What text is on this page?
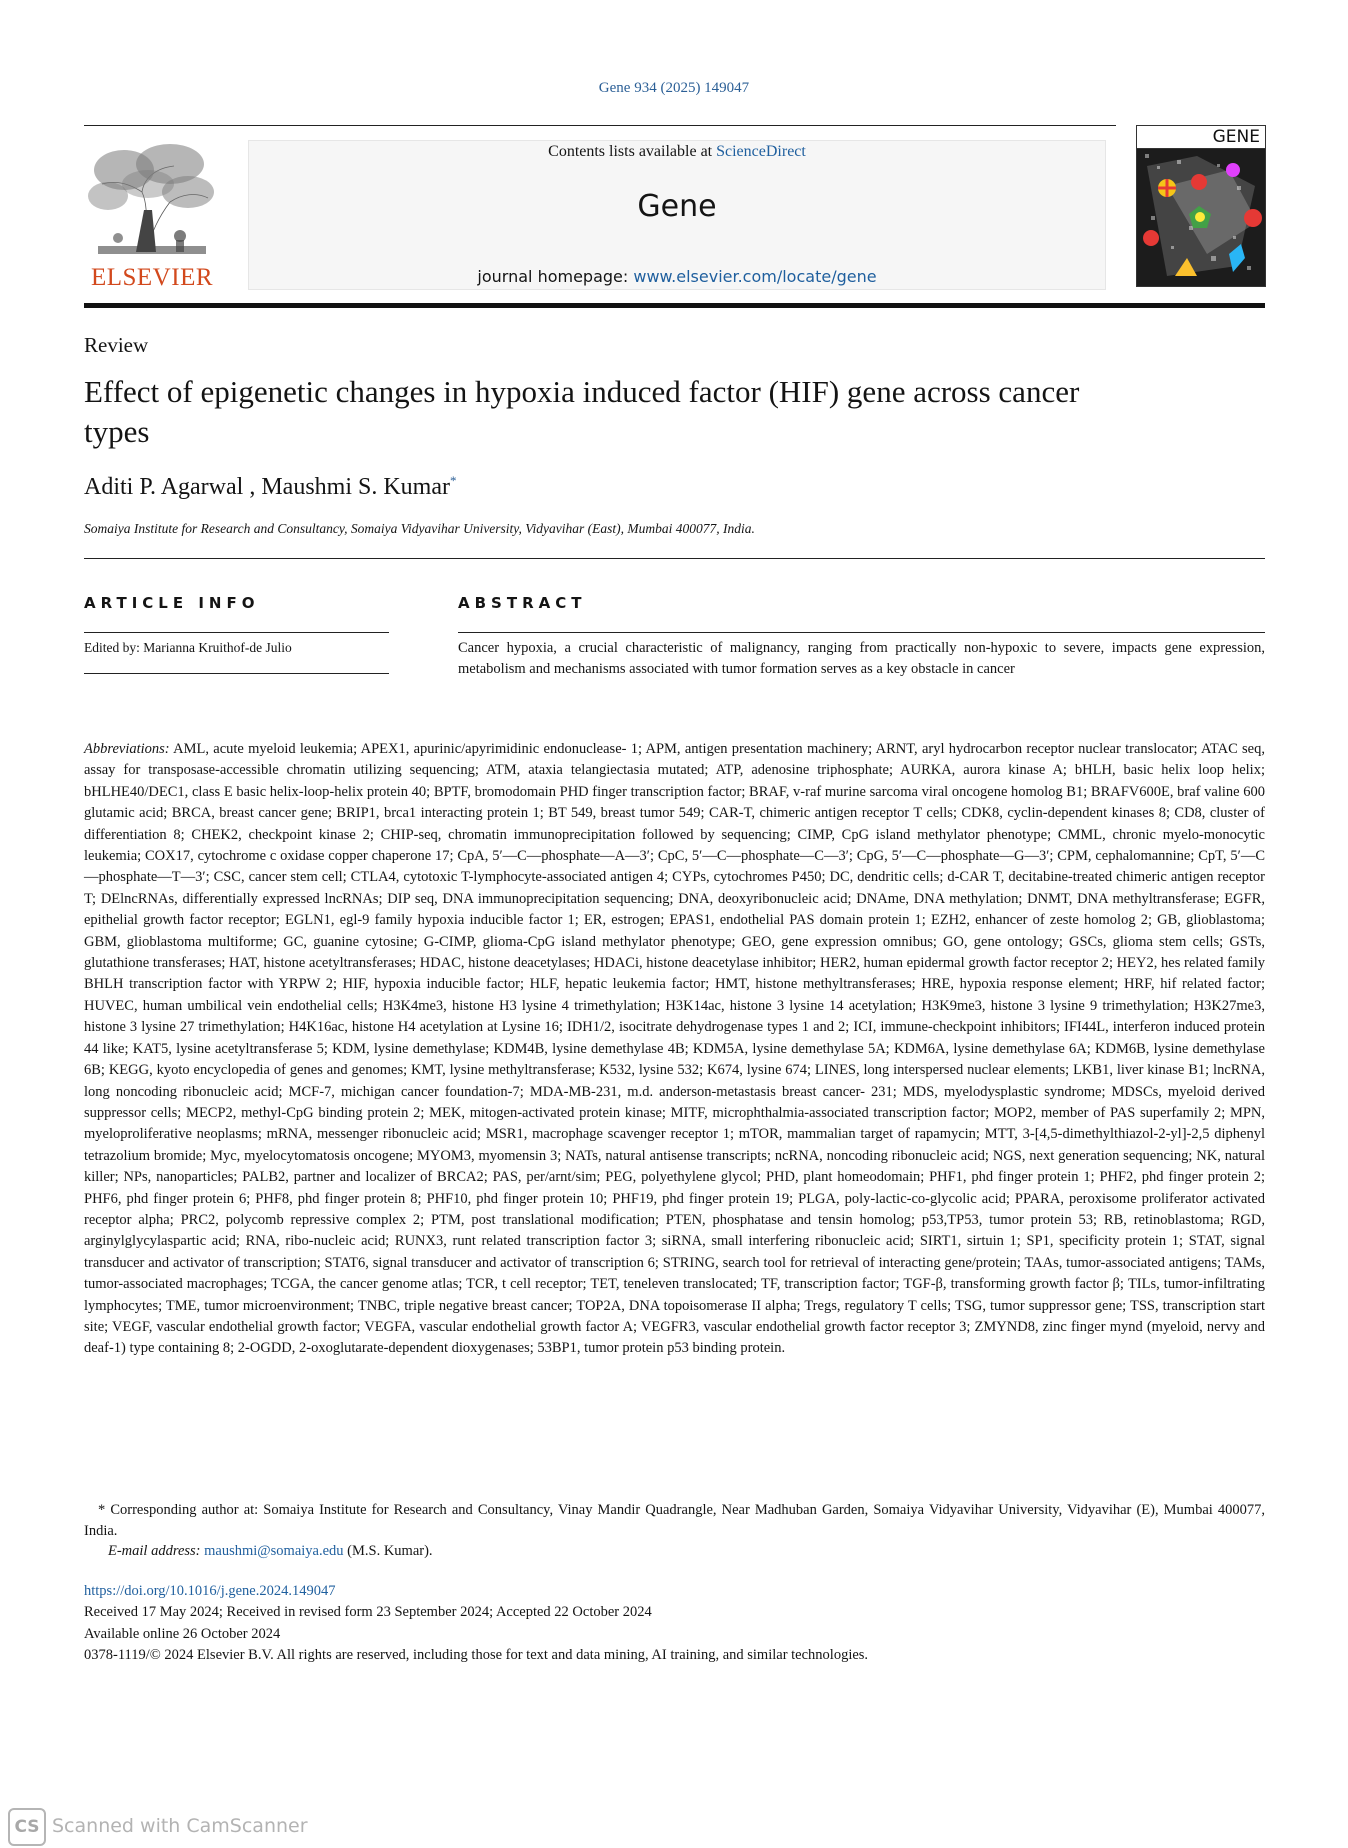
Gene 934 (2025) 149047
ELSEVIER
Contents lists available at ScienceDirect
Gene
journal homepage: www.elsevier.com/locate/gene
GENE
Review
Effect of epigenetic changes in hypoxia induced factor (HIF) gene across cancer types
Aditi P. Agarwal , Maushmi S. Kumar*
Somaiya Institute for Research and Consultancy, Somaiya Vidyavihar University, Vidyavihar (East), Mumbai 400077, India.
ARTICLE INFO	ABSTRACT
Edited by: Marianna Kruithof-de Julio	Cancer hypoxia, a crucial characteristic of malignancy, ranging from practically non-hypoxic to severe, impacts gene expression, metabolism and mechanisms associated with tumor formation serves as a key obstacle in cancer
Abbreviations: AML, acute myeloid leukemia; APEX1, apurinic/apyrimidinic endonuclease- 1; APM, antigen presentation machinery; ARNT, aryl hydrocarbon receptor nuclear translocator; ATAC seq, assay for transposase-accessible chromatin utilizing sequencing; ATM, ataxia telangiectasia mutated; ATP, adenosine triphosphate; AURKA, aurora kinase A; bHLH, basic helix loop helix; bHLHE40/DEC1, class E basic helix-loop-helix protein 40; BPTF, bromodomain PHD finger transcription factor; BRAF, v-raf murine sarcoma viral oncogene homolog B1; BRAFV600E, braf valine 600 glutamic acid; BRCA, breast cancer gene; BRIP1, brca1 interacting protein 1; BT 549, breast tumor 549; CAR-T, chimeric antigen receptor T cells; CDK8, cyclin-dependent kinases 8; CD8, cluster of differentiation 8; CHEK2, checkpoint kinase 2; CHIP-seq, chromatin immunoprecipitation followed by sequencing; CIMP, CpG island methylator phenotype; CMML, chronic myelo-monocytic leukemia; COX17, cytochrome c oxidase copper chaperone 17; CpA, 5′—C—phosphate—A—3′; CpC, 5′—C—phosphate—C—3′; CpG, 5′—C—phosphate—G—3′; CPM, cephalomannine; CpT, 5′—C—phosphate—T—3′; CSC, cancer stem cell; CTLA4, cytotoxic T-lymphocyte-associated antigen 4; CYPs, cytochromes P450; DC, dendritic cells; d-CAR T, decitabine-treated chimeric antigen receptor T; DElncRNAs, differentially expressed lncRNAs; DIP seq, DNA immunoprecipitation sequencing; DNA, deoxyribonucleic acid; DNAme, DNA methylation; DNMT, DNA methyltransferase; EGFR, epithelial growth factor receptor; EGLN1, egl-9 family hypoxia inducible factor 1; ER, estrogen; EPAS1, endothelial PAS domain protein 1; EZH2, enhancer of zeste homolog 2; GB, glioblastoma; GBM, glioblastoma multiforme; GC, guanine cytosine; G-CIMP, glioma-CpG island methylator phenotype; GEO, gene expression omnibus; GO, gene ontology; GSCs, glioma stem cells; GSTs, glutathione transferases; HAT, histone acetyltransferases; HDAC, histone deacetylases; HDACi, histone deacetylase inhibitor; HER2, human epidermal growth factor receptor 2; HEY2, hes related family BHLH transcription factor with YRPW 2; HIF, hypoxia inducible factor; HLF, hepatic leukemia factor; HMT, histone methyltransferases; HRE, hypoxia response element; HRF, hif related factor; HUVEC, human umbilical vein endothelial cells; H3K4me3, histone H3 lysine 4 trimethylation; H3K14ac, histone 3 lysine 14 acetylation; H3K9me3, histone 3 lysine 9 trimethylation; H3K27me3, histone 3 lysine 27 trimethylation; H4K16ac, histone H4 acetylation at Lysine 16; IDH1/2, isocitrate dehydrogenase types 1 and 2; ICI, immune-checkpoint inhibitors; IFI44L, interferon induced protein 44 like; KAT5, lysine acetyltransferase 5; KDM, lysine demethylase; KDM4B, lysine demethylase 4B; KDM5A, lysine demethylase 5A; KDM6A, lysine demethylase 6A; KDM6B, lysine demethylase 6B; KEGG, kyoto encyclopedia of genes and genomes; KMT, lysine methyltransferase; K532, lysine 532; K674, lysine 674; LINES, long interspersed nuclear elements; LKB1, liver kinase B1; lncRNA, long noncoding ribonucleic acid; MCF-7, michigan cancer foundation-7; MDA-MB-231, m.d. anderson-metastasis breast cancer- 231; MDS, myelodysplastic syndrome; MDSCs, myeloid derived suppressor cells; MECP2, methyl-CpG binding protein 2; MEK, mitogen-activated protein kinase; MITF, microphthalmia-associated transcription factor; MOP2, member of PAS superfamily 2; MPN, myeloproliferative neoplasms; mRNA, messenger ribonucleic acid; MSR1, macrophage scavenger receptor 1; mTOR, mammalian target of rapamycin; MTT, 3-[4,5-dimethylthiazol-2-yl]-2,5 diphenyl tetrazolium bromide; Myc, myelocytomatosis oncogene; MYOM3, myomensin 3; NATs, natural antisense transcripts; ncRNA, noncoding ribonucleic acid; NGS, next generation sequencing; NK, natural killer; NPs, nanoparticles; PALB2, partner and localizer of BRCA2; PAS, per/arnt/sim; PEG, polyethylene glycol; PHD, plant homeodomain; PHF1, phd finger protein 1; PHF2, phd finger protein 2; PHF6, phd finger protein 6; PHF8, phd finger protein 8; PHF10, phd finger protein 10; PHF19, phd finger protein 19; PLGA, poly-lactic-co-glycolic acid; PPARA, peroxisome proliferator activated receptor alpha; PRC2, polycomb repressive complex 2; PTM, post translational modification; PTEN, phosphatase and tensin homolog; p53,TP53, tumor protein 53; RB, retinoblastoma; RGD, arginylglycylaspartic acid; RNA, ribo-nucleic acid; RUNX3, runt related transcription factor 3; siRNA, small interfering ribonucleic acid; SIRT1, sirtuin 1; SP1, specificity protein 1; STAT, signal transducer and activator of transcription; STAT6, signal transducer and activator of transcription 6; STRING, search tool for retrieval of interacting gene/protein; TAAs, tumor-associated antigens; TAMs, tumor-associated macrophages; TCGA, the cancer genome atlas; TCR, t cell receptor; TET, teneleven translocated; TF, transcription factor; TGF-β, transforming growth factor β; TILs, tumor-infiltrating lymphocytes; TME, tumor microenvironment; TNBC, triple negative breast cancer; TOP2A, DNA topoisomerase II alpha; Tregs, regulatory T cells; TSG, tumor suppressor gene; TSS, transcription start site; VEGF, vascular endothelial growth factor; VEGFA, vascular endothelial growth factor A; VEGFR3, vascular endothelial growth factor receptor 3; ZMYND8, zinc finger mynd (myeloid, nervy and deaf-1) type containing 8; 2-OGDD, 2-oxoglutarate-dependent dioxygenases; 53BP1, tumor protein p53 binding protein.
* Corresponding author at: Somaiya Institute for Research and Consultancy, Vinay Mandir Quadrangle, Near Madhuban Garden, Somaiya Vidyavihar University, Vidyavihar (E), Mumbai 400077, India.
E-mail address: maushmi@somaiya.edu (M.S. Kumar).
https://doi.org/10.1016/j.gene.2024.149047
Received 17 May 2024; Received in revised form 23 September 2024; Accepted 22 October 2024
Available online 26 October 2024
0378-1119/© 2024 Elsevier B.V. All rights are reserved, including those for text and data mining, AI training, and similar technologies.
CS Scanned with CamScanner
